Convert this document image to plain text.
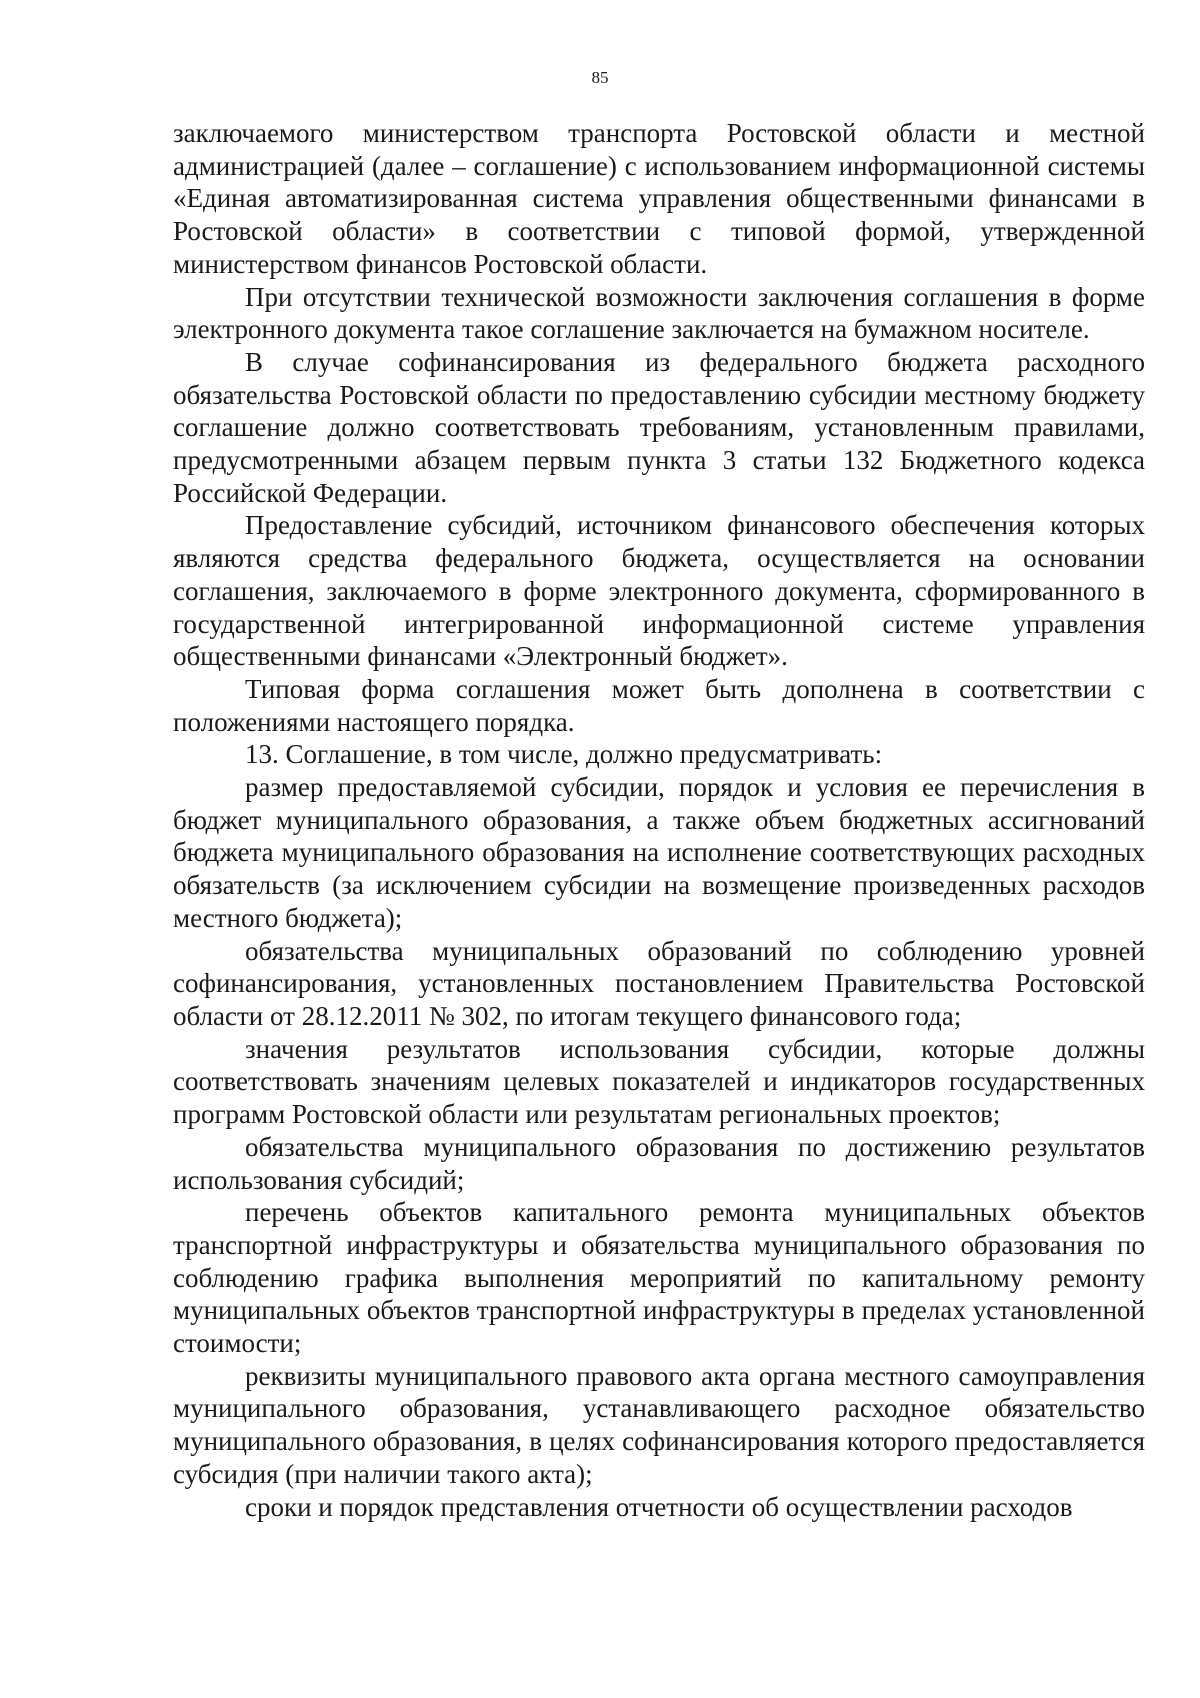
85

заключаемого министерством транспорта Ростовской области и местной администрацией (далее – соглашение) с использованием информационной системы «Единая автоматизированная система управления общественными финансами в Ростовской области» в соответствии с типовой формой, утвержденной министерством финансов Ростовской области.

При отсутствии технической возможности заключения соглашения в форме электронного документа такое соглашение заключается на бумажном носителе.

В случае софинансирования из федерального бюджета расходного обязательства Ростовской области по предоставлению субсидии местному бюджету соглашение должно соответствовать требованиям, установленным правилами, предусмотренными абзацем первым пункта 3 статьи 132 Бюджетного кодекса Российской Федерации.

Предоставление субсидий, источником финансового обеспечения которых являются средства федерального бюджета, осуществляется на основании соглашения, заключаемого в форме электронного документа, сформированного в государственной интегрированной информационной системе управления общественными финансами «Электронный бюджет».

Типовая форма соглашения может быть дополнена в соответствии с положениями настоящего порядка.

13. Соглашение, в том числе, должно предусматривать:

размер предоставляемой субсидии, порядок и условия ее перечисления в бюджет муниципального образования, а также объем бюджетных ассигнований бюджета муниципального образования на исполнение соответствующих расходных обязательств (за исключением субсидии на возмещение произведенных расходов местного бюджета);

обязательства муниципальных образований по соблюдению уровней софинансирования, установленных постановлением Правительства Ростовской области от 28.12.2011 № 302, по итогам текущего финансового года;

значения результатов использования субсидии, которые должны соответствовать значениям целевых показателей и индикаторов государственных программ Ростовской области или результатам региональных проектов;

обязательства муниципального образования по достижению результатов использования субсидий;

перечень объектов капитального ремонта муниципальных объектов транспортной инфраструктуры и обязательства муниципального образования по соблюдению графика выполнения мероприятий по капитальному ремонту муниципальных объектов транспортной инфраструктуры в пределах установленной стоимости;

реквизиты муниципального правового акта органа местного самоуправления муниципального образования, устанавливающего расходное обязательство муниципального образования, в целях софинансирования которого предоставляется субсидия (при наличии такого акта);

сроки и порядок представления отчетности об осуществлении расходов
